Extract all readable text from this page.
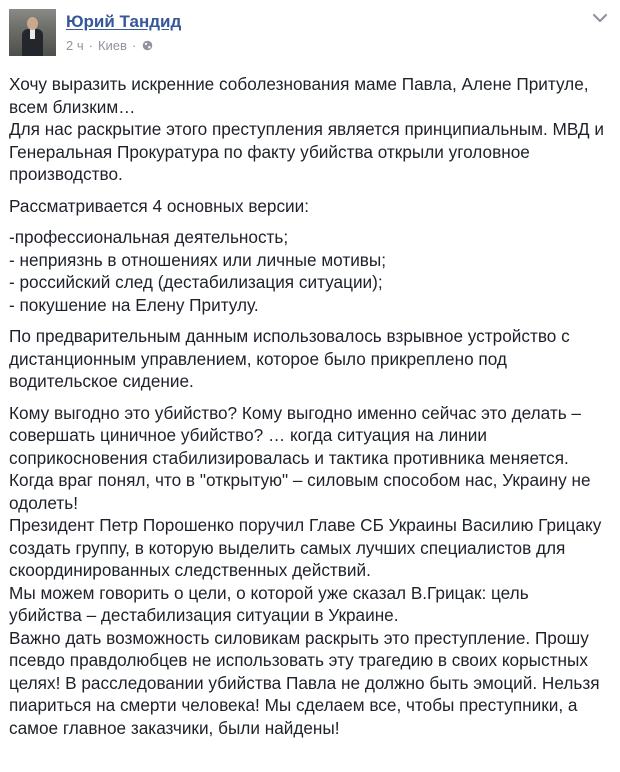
Юрий Тандид
2 ч · Киев ·

Хочу выразить искренние соболезнования маме Павла, Алене Притуле,
всем близким…
Для нас раскрытие этого преступления является принципиальным. МВД и
Генеральная Прокуратура по факту убийства открыли уголовное
производство.

Рассматривается 4 основных версии:

-профессиональная деятельность;
- неприязнь в отношениях или личные мотивы;
- российский след (дестабилизация ситуации);
- покушение на Елену Притулу.

По предварительным данным использовалось взрывное устройство с
дистанционным управлением, которое было прикреплено под
водительское сидение.

Кому выгодно это убийство? Кому выгодно именно сейчас это делать –
совершать циничное убийство? … когда ситуация на линии
соприкосновения стабилизировалась и тактика противника меняется.
Когда враг понял, что в "открытую" – силовым способом нас, Украину не
одолеть!
Президент Петр Порошенко поручил Главе СБ Украины Василию Грицаку
создать группу, в которую выделить самых лучших специалистов для
скоординированных следственных действий.
Мы можем говорить о цели, о которой уже сказал В.Грицак: цель
убийства – дестабилизация ситуации в Украине.
Важно дать возможность силовикам раскрыть это преступление. Прошу
псевдо правдолюбцев не использовать эту трагедию в своих корыстных
целях! В расследовании убийства Павла не должно быть эмоций. Нельзя
пиариться на смерти человека! Мы сделаем все, чтобы преступники, а
самое главное заказчики, были найдены!
